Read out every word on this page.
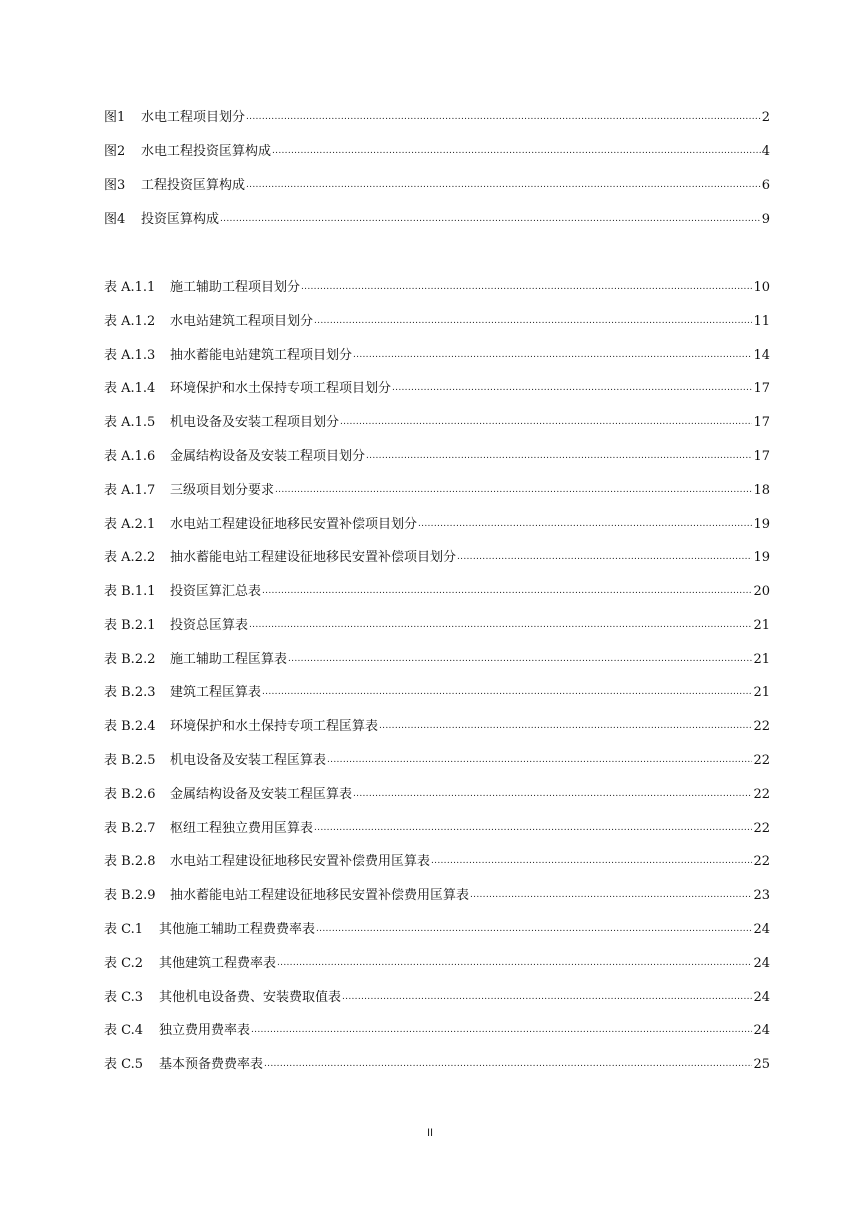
图1	水电工程项目划分 .....	2
图2	水电工程投资匡算构成 .....	4
图3	工程投资匡算构成 .....	6
图4	投资匡算构成 .....	9
表 A.1.1	施工辅助工程项目划分 .....	10
表 A.1.2	水电站建筑工程项目划分 .....	11
表 A.1.3	抽水蓄能电站建筑工程项目划分 .....	14
表 A.1.4	环境保护和水土保持专项工程项目划分 .....	17
表 A.1.5	机电设备及安装工程项目划分 .....	17
表 A.1.6	金属结构设备及安装工程项目划分 .....	17
表 A.1.7	三级项目划分要求 .....	18
表 A.2.1	水电站工程建设征地移民安置补偿项目划分 .....	19
表 A.2.2	抽水蓄能电站工程建设征地移民安置补偿项目划分 .....	19
表 B.1.1	投资匡算汇总表 .....	20
表 B.2.1	投资总匡算表 .....	21
表 B.2.2	施工辅助工程匡算表 .....	21
表 B.2.3	建筑工程匡算表 .....	21
表 B.2.4	环境保护和水土保持专项工程匡算表 .....	22
表 B.2.5	机电设备及安装工程匡算表 .....	22
表 B.2.6	金属结构设备及安装工程匡算表 .....	22
表 B.2.7	枢纽工程独立费用匡算表 .....	22
表 B.2.8	水电站工程建设征地移民安置补偿费用匡算表 .....	22
表 B.2.9	抽水蓄能电站工程建设征地移民安置补偿费用匡算表 .....	23
表 C.1	其他施工辅助工程费费率表 .....	24
表 C.2	其他建筑工程费率表 .....	24
表 C.3	其他机电设备费、安装费取值表 .....	24
表 C.4	独立费用费率表 .....	24
表 C.5	基本预备费费率表 .....	25
II
